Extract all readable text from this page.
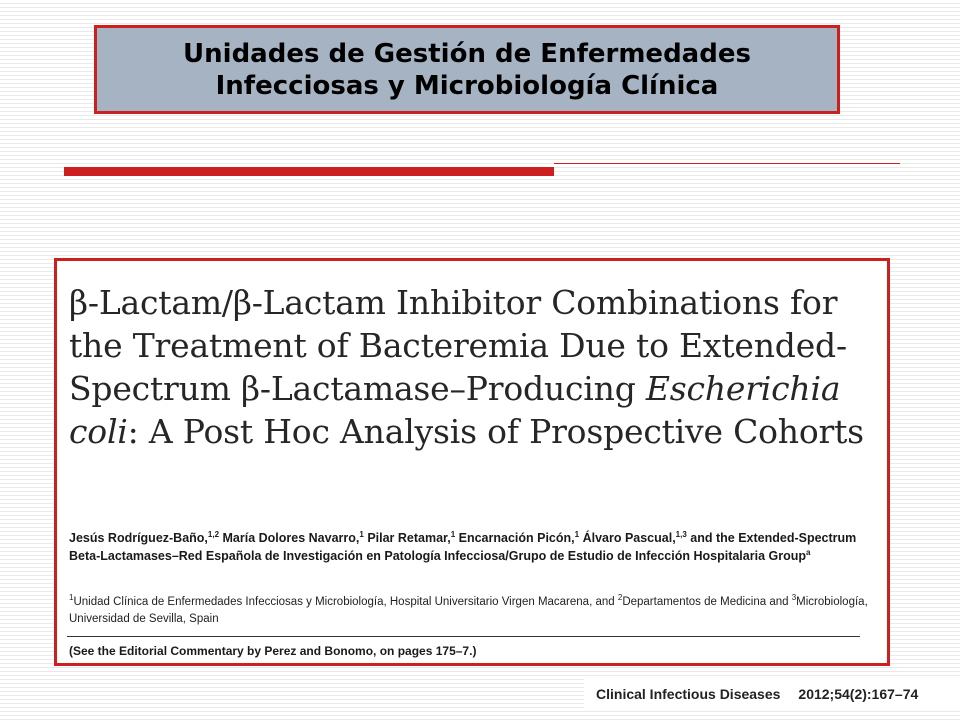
Unidades de Gestión de Enfermedades
Infecciosas y Microbiología Clínica
β-Lactam/β-Lactam Inhibitor Combinations for the Treatment of Bacteremia Due to Extended-Spectrum β-Lactamase–Producing Escherichia coli: A Post Hoc Analysis of Prospective Cohorts
Jesús Rodríguez-Baño,$^{1,2}$ María Dolores Navarro,$^1$ Pilar Retamar,$^1$ Encarnación Picón,$^1$ Álvaro Pascual,$^{1,3}$ and the Extended-Spectrum Beta-Lactamases–Red Española de Investigación en Patología Infecciosa/Grupo de Estudio de Infección Hospitalaria Group$^a$
$^1$Unidad Clínica de Enfermedades Infecciosas y Microbiología, Hospital Universitario Virgen Macarena, and $^2$Departamentos de Medicina and $^3$Microbiología, Universidad de Sevilla, Spain
(See the Editorial Commentary by Perez and Bonomo, on pages 175–7.)
Clinical Infectious Diseases 2012;54(2):167–74
